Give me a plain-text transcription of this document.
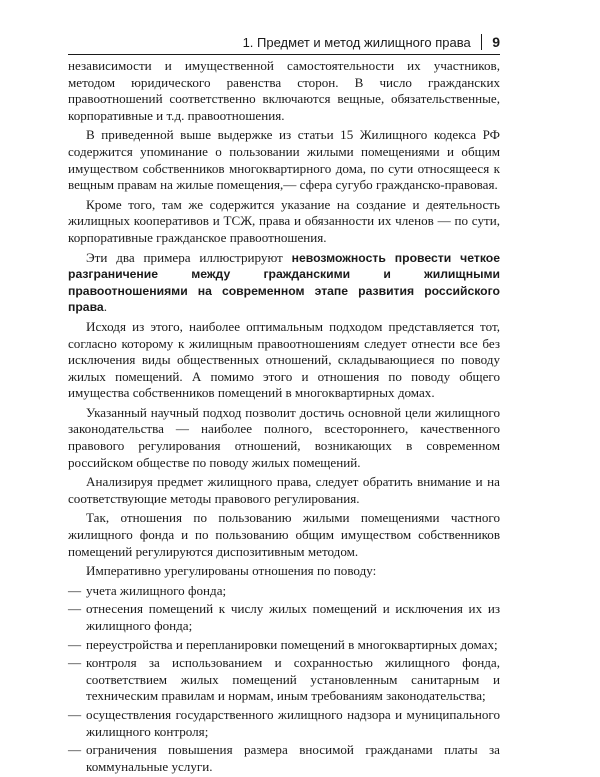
1. Предмет и метод жилищного права 9

независимости и имущественной самостоятельности их участников, методом юридического равенства сторон. В число гражданских правоотношений соответственно включаются вещные, обязательственные, корпоративные и т.д. правоотношения.

В приведенной выше выдержке из статьи 15 Жилищного кодекса РФ содержится упоминание о пользовании жилыми помещениями и общим имуществом собственников многоквартирного дома, по сути относящееся к вещным правам на жилые помещения,— сфера сугубо гражданско-правовая.

Кроме того, там же содержится указание на создание и деятельность жилищных кооперативов и ТСЖ, права и обязанности их членов — по сути, корпоративные гражданское правоотношения.

Эти два примера иллюстрируют невозможность провести четкое разграничение между гражданскими и жилищными правоотношениями на современном этапе развития российского права.

Исходя из этого, наиболее оптимальным подходом представляется тот, согласно которому к жилищным правоотношениям следует отнести все без исключения виды общественных отношений, складывающиеся по поводу жилых помещений. А помимо этого и отношения по поводу общего имущества собственников помещений в многоквартирных домах.

Указанный научный подход позволит достичь основной цели жилищного законодательства — наиболее полного, всестороннего, качественного правового регулирования отношений, возникающих в современном российском обществе по поводу жилых помещений.

Анализируя предмет жилищного права, следует обратить внимание и на соответствующие методы правового регулирования.

Так, отношения по пользованию жилыми помещениями частного жилищного фонда и по пользованию общим имуществом собственников помещений регулируются диспозитивным методом.

Императивно урегулированы отношения по поводу:

— учета жилищного фонда;
— отнесения помещений к числу жилых помещений и исключения их из жилищного фонда;
— переустройства и перепланировки помещений в многоквартирных домах;
— контроля за использованием и сохранностью жилищного фонда, соответствием жилых помещений установленным санитарным и техническим правилам и нормам, иным требованиям законодательства;
— осуществления государственного жилищного надзора и муниципального жилищного контроля;
— ограничения повышения размера вносимой гражданами платы за коммунальные услуги.
